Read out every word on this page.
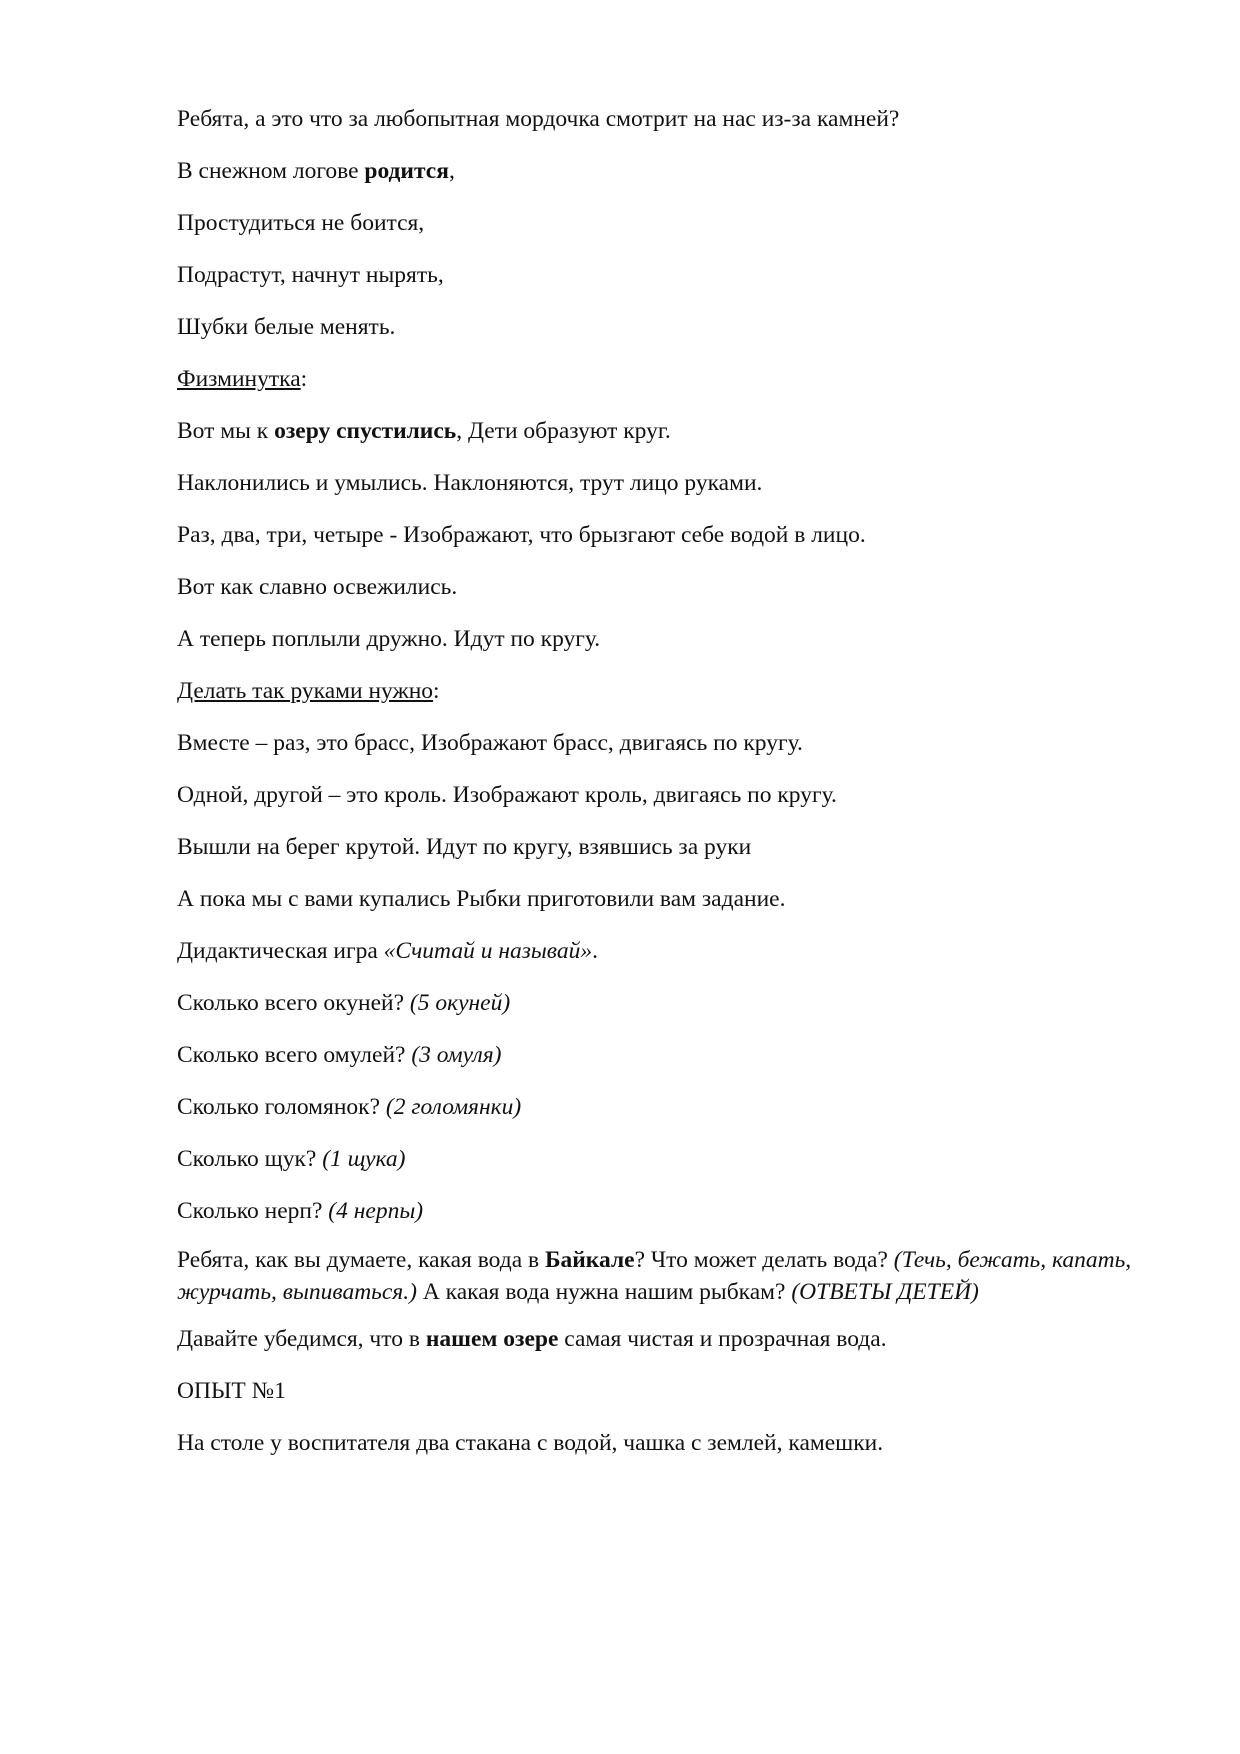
Ребята, а это что за любопытная мордочка смотрит на нас из-за камней?
В снежном логове родится,
Простудиться не боится,
Подрастут, начнут нырять,
Шубки белые менять.
Физминутка:
Вот мы к озеру спустились, Дети образуют круг.
Наклонились и умылись. Наклоняются, трут лицо руками.
Раз, два, три, четыре - Изображают, что брызгают себе водой в лицо.
Вот как славно освежились.
А теперь поплыли дружно. Идут по кругу.
Делать так руками нужно:
Вместе – раз, это брасс, Изображают брасс, двигаясь по кругу.
Одной, другой – это кроль. Изображают кроль, двигаясь по кругу.
Вышли на берег крутой. Идут по кругу, взявшись за руки
А пока мы с вами купались Рыбки приготовили вам задание.
Дидактическая игра «Считай и называй».
Сколько всего окуней? (5 окуней)
Сколько всего омулей? (3 омуля)
Сколько голомянок? (2 голомянки)
Сколько щук? (1 щука)
Сколько нерп? (4 нерпы)
Ребята, как вы думаете, какая вода в Байкале? Что может делать вода? (Течь, бежать, капать, журчать, выпиваться.) А какая вода нужна нашим рыбкам? (ОТВЕТЫ ДЕТЕЙ)
Давайте убедимся, что в нашем озере самая чистая и прозрачная вода.
ОПЫТ №1
На столе у воспитателя два стакана с водой, чашка с землей, камешки.
